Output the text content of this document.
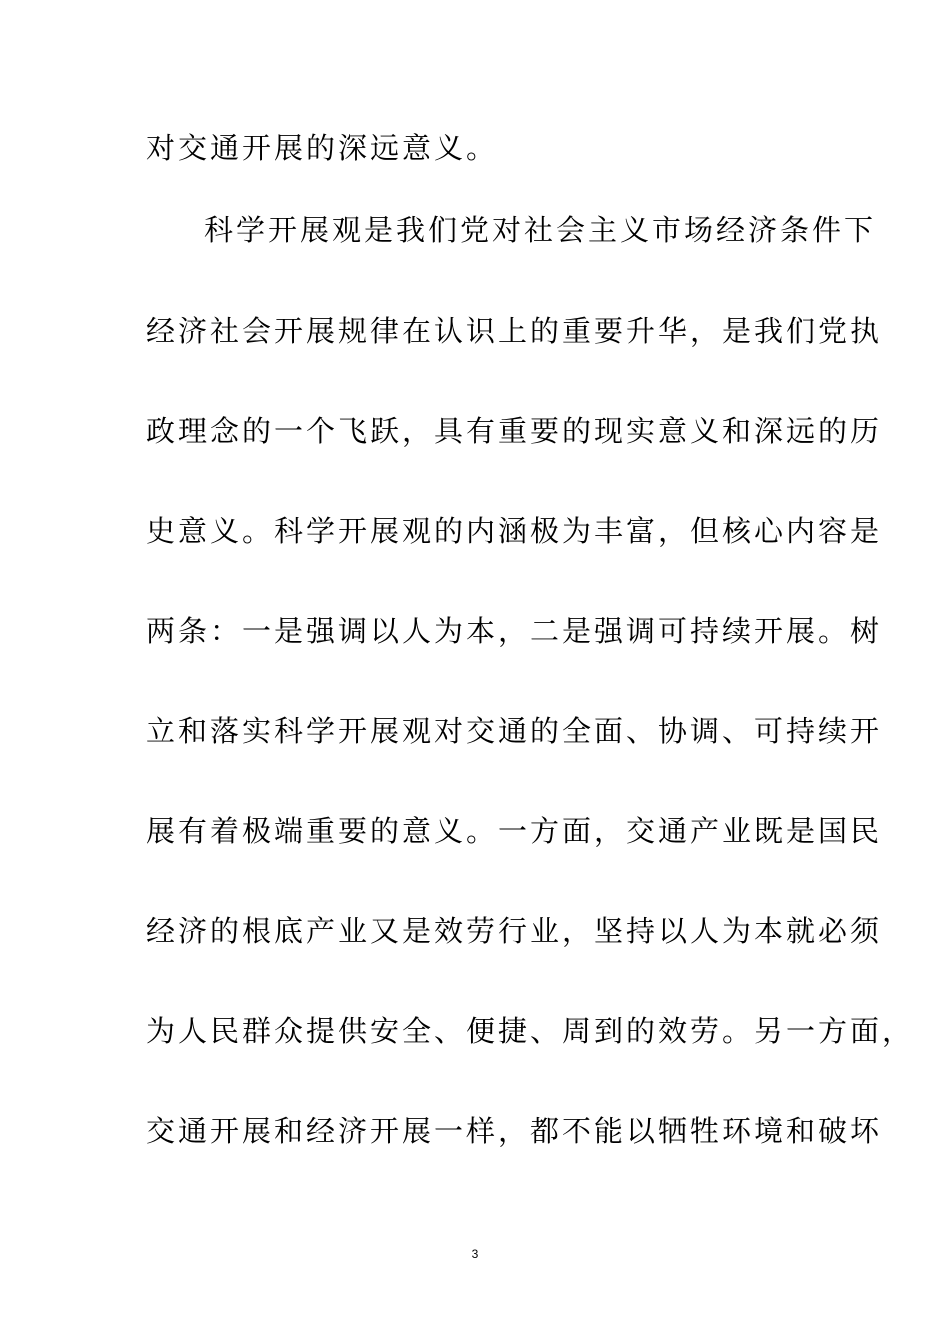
对交通开展的深远意义。
科学开展观是我们党对社会主义市场经济条件下
经济社会开展规律在认识上的重要升华，是我们党执
政理念的一个飞跃，具有重要的现实意义和深远的历
史意义。科学开展观的内涵极为丰富，但核心内容是
两条：一是强调以人为本，二是强调可持续开展。树
立和落实科学开展观对交通的全面、协调、可持续开
展有着极端重要的意义。一方面，交通产业既是国民
经济的根底产业又是效劳行业，坚持以人为本就必须
为人民群众提供安全、便捷、周到的效劳。另一方面，
交通开展和经济开展一样，都不能以牺牲环境和破坏
3
